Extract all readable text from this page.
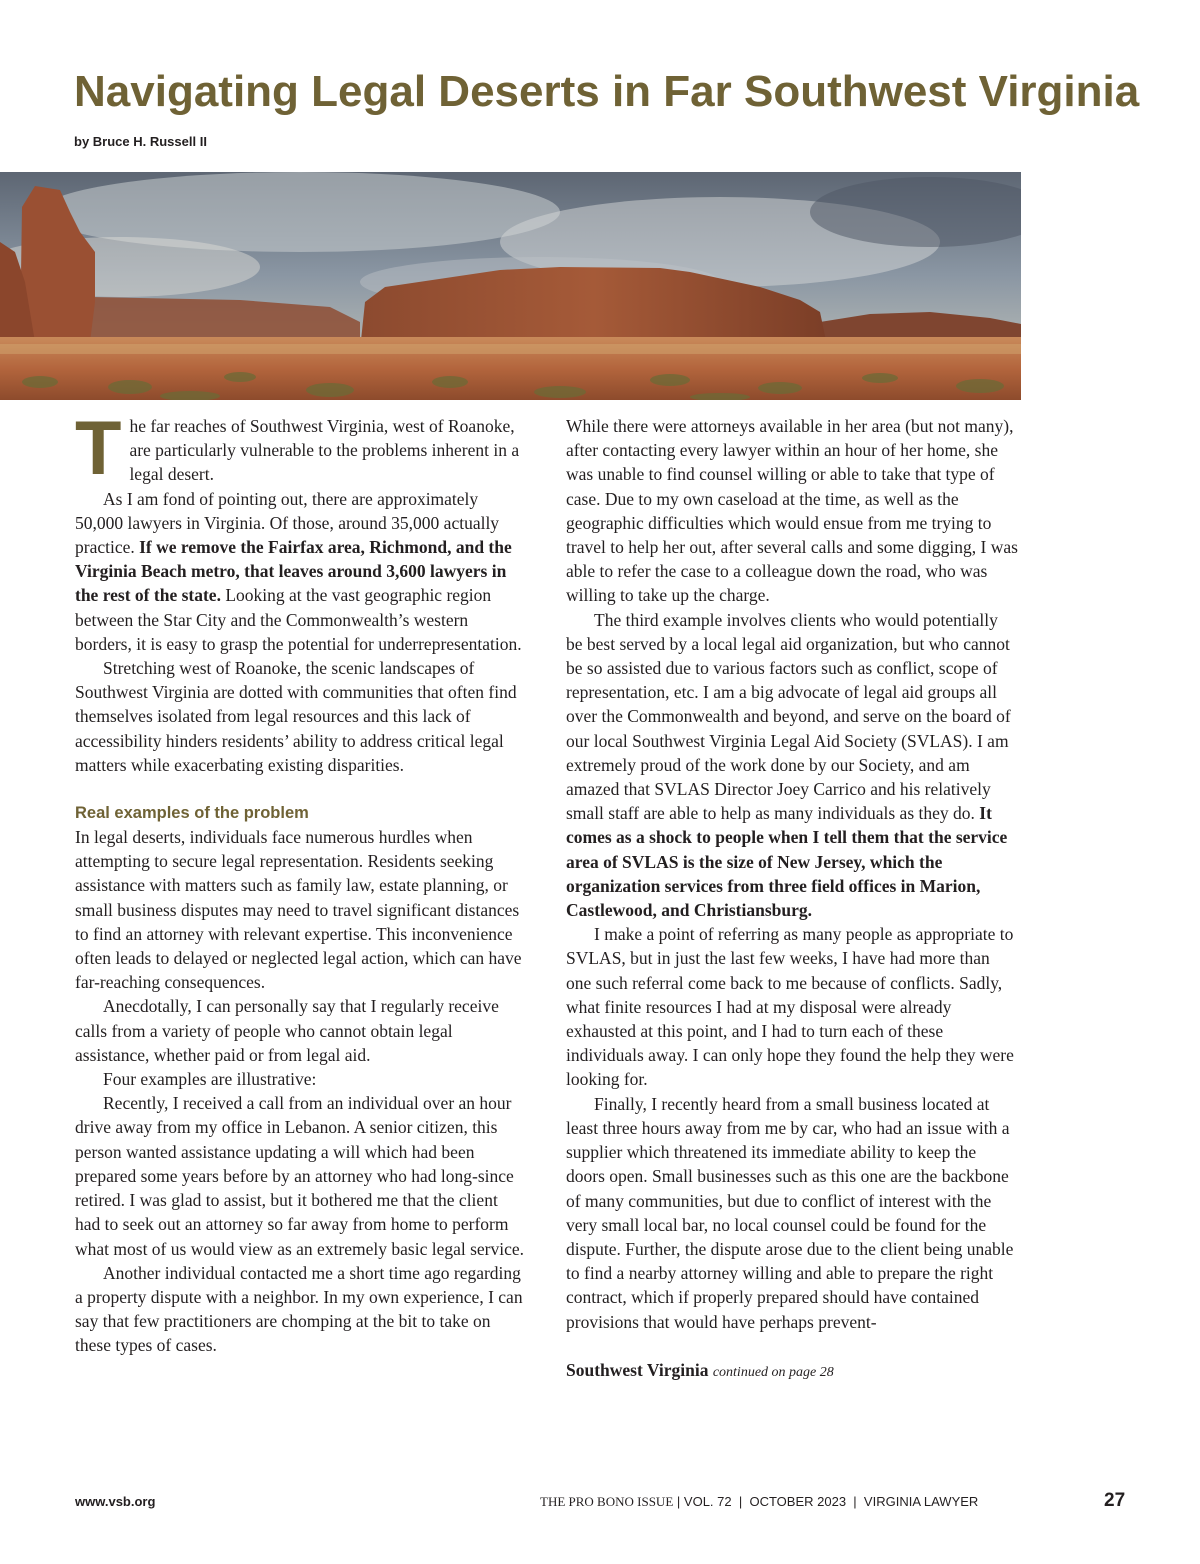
Navigating Legal Deserts in Far Southwest Virginia
by Bruce H. Russell II

The far reaches of Southwest Virginia, west of Roanoke, are particularly vulnerable to the problems inherent in a legal desert.

As I am fond of pointing out, there are approximately 50,000 lawyers in Virginia. Of those, around 35,000 actually practice. If we remove the Fairfax area, Richmond, and the Virginia Beach metro, that leaves around 3,600 lawyers in the rest of the state. Looking at the vast geographic region between the Star City and the Commonwealth’s western borders, it is easy to grasp the potential for underrepresentation.

Stretching west of Roanoke, the scenic landscapes of Southwest Virginia are dotted with communities that often find themselves isolated from legal resources and this lack of accessibility hinders residents’ ability to address critical legal matters while exacerbating existing disparities.

Real examples of the problem

In legal deserts, individuals face numerous hurdles when attempting to secure legal representation. Residents seeking assistance with matters such as family law, estate planning, or small business disputes may need to travel significant distances to find an attorney with relevant expertise. This inconvenience often leads to delayed or neglected legal action, which can have far-reaching consequences.

Anecdotally, I can personally say that I regularly receive calls from a variety of people who cannot obtain legal assistance, whether paid or from legal aid.

Four examples are illustrative:

Recently, I received a call from an individual over an hour drive away from my office in Lebanon. A senior citizen, this person wanted assistance updating a will which had been prepared some years before by an attorney who had long-since retired. I was glad to assist, but it bothered me that the client had to seek out an attorney so far away from home to perform what most of us would view as an extremely basic legal service.

Another individual contacted me a short time ago regarding a property dispute with a neighbor. In my own experience, I can say that few practitioners are chomping at the bit to take on these types of cases.

While there were attorneys available in her area (but not many), after contacting every lawyer within an hour of her home, she was unable to find counsel willing or able to take that type of case. Due to my own caseload at the time, as well as the geographic difficulties which would ensue from me trying to travel to help her out, after several calls and some digging, I was able to refer the case to a colleague down the road, who was willing to take up the charge.

The third example involves clients who would potentially be best served by a local legal aid organization, but who cannot be so assisted due to various factors such as conflict, scope of representation, etc. I am a big advocate of legal aid groups all over the Commonwealth and beyond, and serve on the board of our local Southwest Virginia Legal Aid Society (SVLAS). I am extremely proud of the work done by our Society, and am amazed that SVLAS Director Joey Carrico and his relatively small staff are able to help as many individuals as they do. It comes as a shock to people when I tell them that the service area of SVLAS is the size of New Jersey, which the organization services from three field offices in Marion, Castlewood, and Christiansburg.

I make a point of referring as many people as appropriate to SVLAS, but in just the last few weeks, I have had more than one such referral come back to me because of conflicts. Sadly, what finite resources I had at my disposal were already exhausted at this point, and I had to turn each of these individuals away. I can only hope they found the help they were looking for.

Finally, I recently heard from a small business located at least three hours away from me by car, who had an issue with a supplier which threatened its immediate ability to keep the doors open. Small businesses such as this one are the backbone of many communities, but due to conflict of interest with the very small local bar, no local counsel could be found for the dispute. Further, the dispute arose due to the client being unable to find a nearby attorney willing and able to prepare the right contract, which if properly prepared should have contained provisions that would have perhaps prevent-

Southwest Virginia continued on page 28
www.vsb.org	THE PRO BONO ISSUE | VOL. 72  |  OCTOBER 2023  |  VIRGINIA LAWYER	27
